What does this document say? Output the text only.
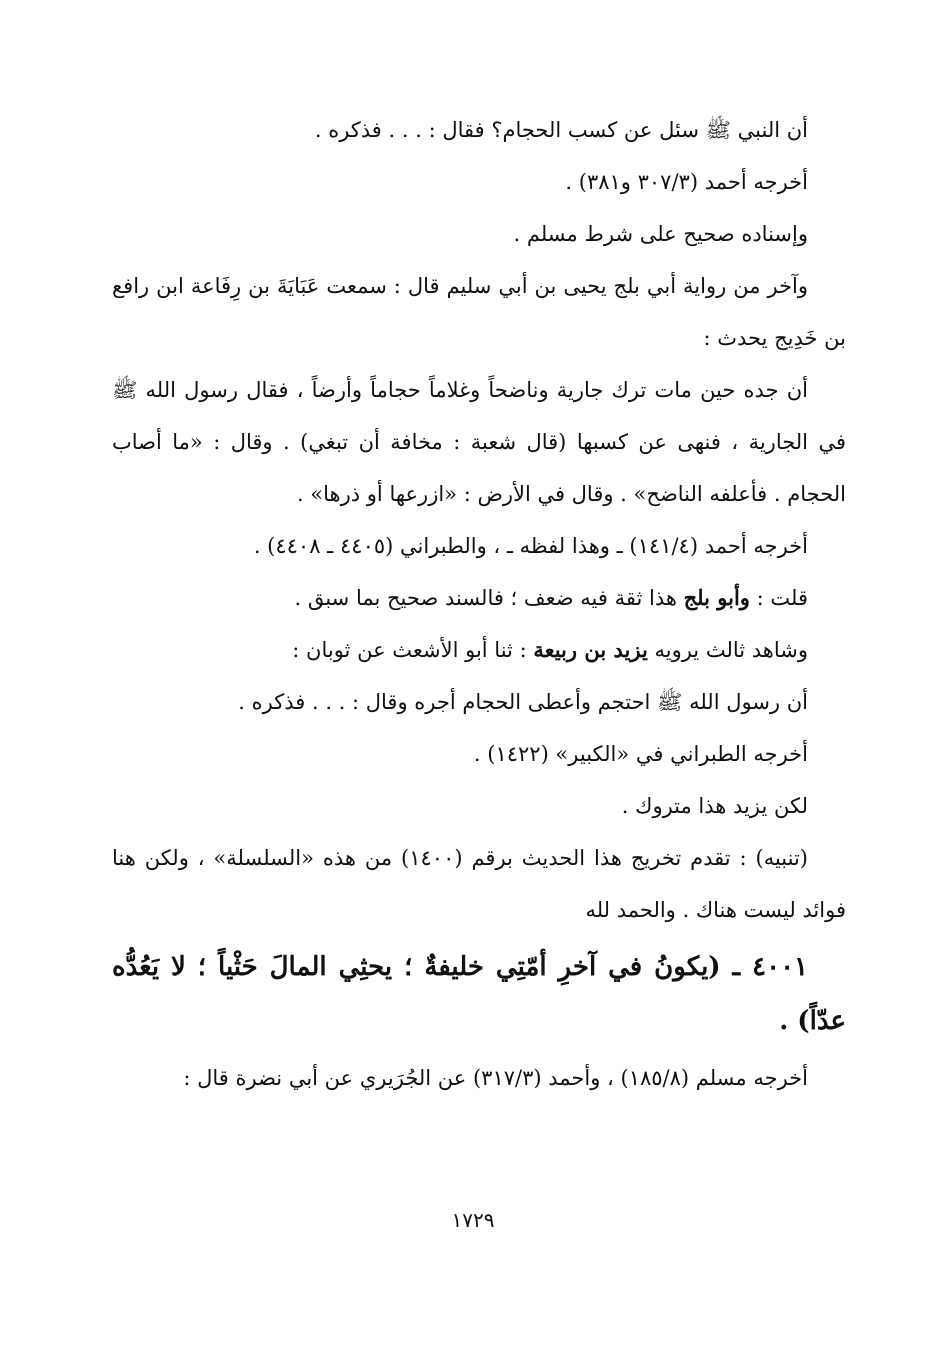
أن النبي ﷺ سئل عن كسب الحجام؟ فقال : . . . فذكره .

أخرجه أحمد (٣٠٧/٣ و٣٨١) .

وإسناده صحيح على شرط مسلم .

وآخر من رواية أبي بلج يحيى بن أبي سليم قال : سمعت عَبَايَةَ بن رِفَاعة ابن رافع بن خَدِيج يحدث :

أن جده حين مات ترك جارية وناضحاً وغلاماً حجاماً وأرضاً ، فقال رسول الله ﷺ في الجارية ، فنهى عن كسبها (قال شعبة : مخافة أن تبغي) . وقال : «ما أصاب الحجام . فأعلفه الناضح» . وقال في الأرض : «ازرعها أو ذرها» .

أخرجه أحمد (١٤١/٤) ـ وهذا لفظه ـ ، والطبراني (٤٤٠٥ ـ ٤٤٠٨) .

قلت : وأبو بلج هذا ثقة فيه ضعف ؛ فالسند صحيح بما سبق .

وشاهد ثالث يرويه يزيد بن ربيعة : ثنا أبو الأشعث عن ثوبان :

أن رسول الله ﷺ احتجم وأعطى الحجام أجره وقال : . . . فذكره .

أخرجه الطبراني في «الكبير» (١٤٢٢) .

لكن يزيد هذا متروك .

(تنبيه) : تقدم تخريج هذا الحديث برقم (١٤٠٠) من هذه «السلسلة» ، ولكن هنا فوائد ليست هناك . والحمد لله

٤٠٠١ ـ (يكونُ في آخرِ أمّتِي خليفةٌ ؛ يحثِي المالَ حَثْياً ؛ لا يَعُدُّه عدّاً) .

أخرجه مسلم (١٨٥/٨) ، وأحمد (٣١٧/٣) عن الجُرَيري عن أبي نضرة قال :

١٧٢٩
